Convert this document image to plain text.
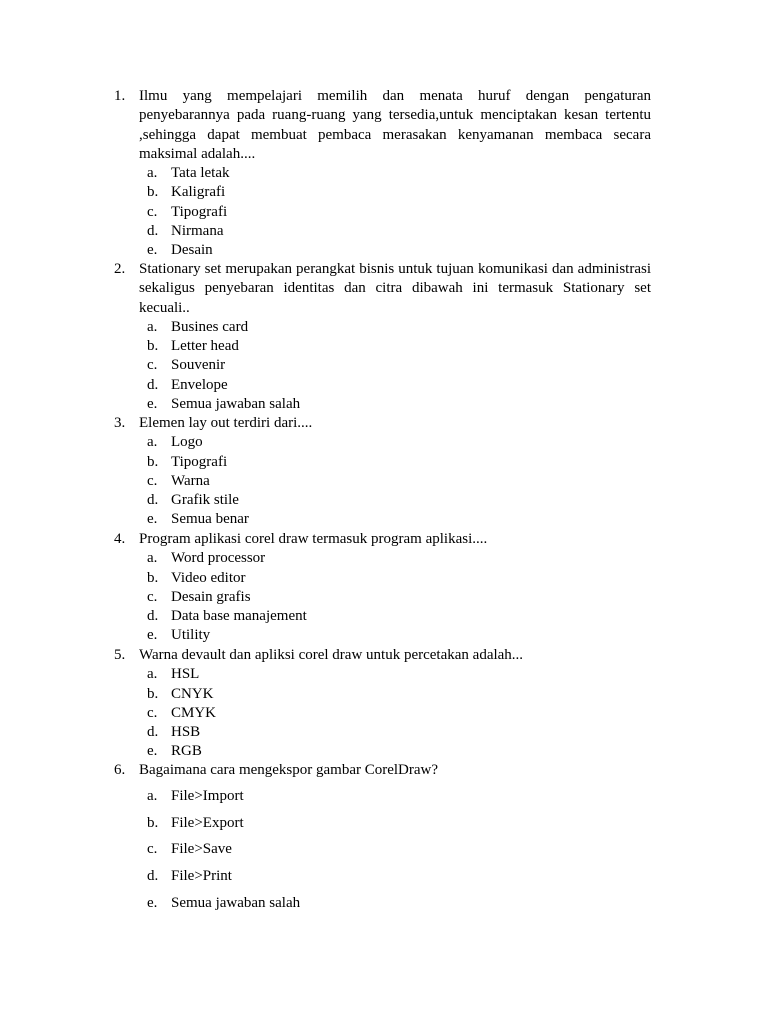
1. Ilmu yang mempelajari memilih dan menata huruf dengan pengaturan penyebarannya pada ruang-ruang yang tersedia,untuk menciptakan kesan tertentu ,sehingga dapat membuat pembaca merasakan kenyamanan membaca secara maksimal adalah....
a. Tata letak
b. Kaligrafi
c. Tipografi
d. Nirmana
e. Desain
2. Stationary set merupakan perangkat bisnis untuk tujuan komunikasi dan administrasi sekaligus penyebaran identitas dan citra dibawah ini termasuk Stationary set kecuali..
a. Busines card
b. Letter head
c. Souvenir
d. Envelope
e. Semua jawaban salah
3. Elemen lay out terdiri dari....
a. Logo
b. Tipografi
c. Warna
d. Grafik stile
e. Semua benar
4. Program aplikasi corel draw termasuk program aplikasi....
a. Word processor
b. Video editor
c. Desain grafis
d. Data base manajement
e. Utility
5. Warna devault dan apliksi corel draw untuk percetakan adalah...
a. HSL
b. CNYK
c. CMYK
d. HSB
e. RGB
6. Bagaimana cara mengekspor gambar CorelDraw?
a. File>Import
b. File>Export
c. File>Save
d. File>Print
e. Semua jawaban salah
